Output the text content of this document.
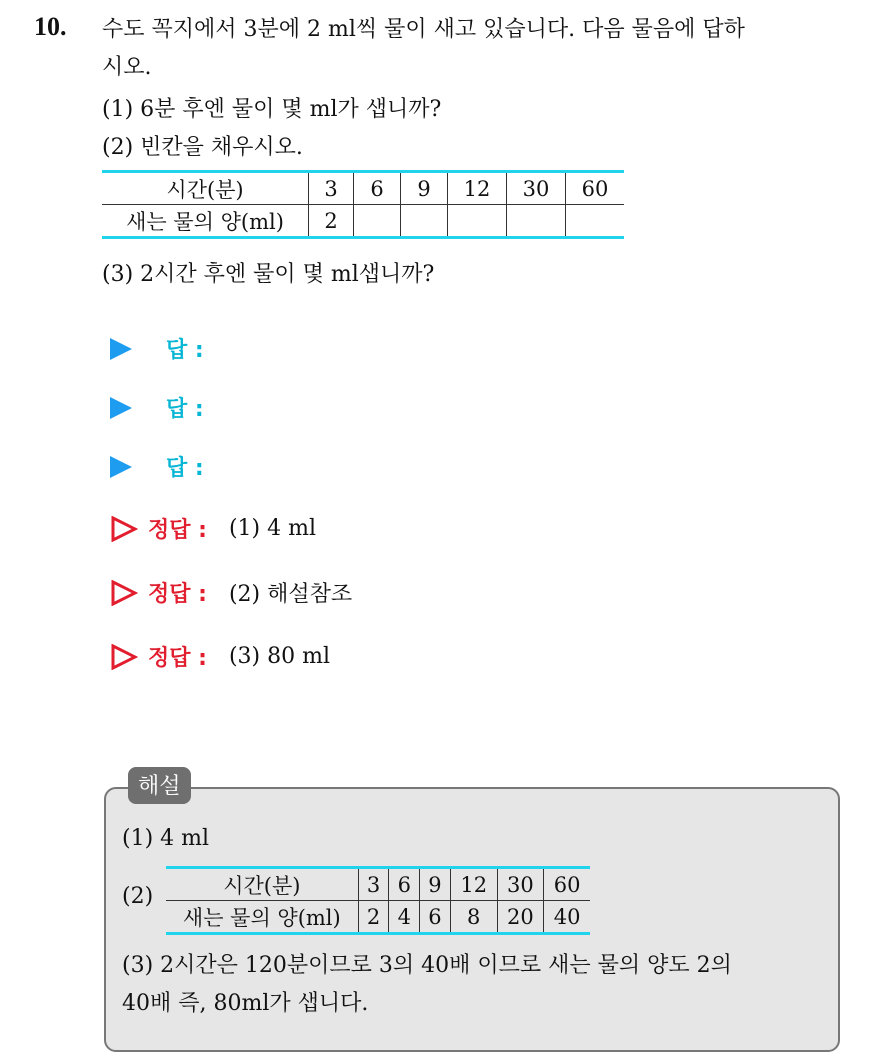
10. 수도 꼭지에서 3분에 2 ml씩 물이 새고 있습니다. 다음 물음에 답하
시오.
(1) 6분 후엔 물이 몇 ml가 샙니까?
(2) 빈칸을 채우시오.
시간(분)	3	6	9	12	30	60
새는 물의 양(ml)	2					
(3) 2시간 후엔 물이 몇 ml샙니까?
답 :
답 :
답 :
정답 : (1) 4 ml
정답 : (2) 해설참조
정답 : (3) 80 ml
해설
(1) 4 ml
(2)	시간(분)	3	6	9	12	30	60
새는 물의 양(ml)	2	4	6	8	20	40
(3) 2시간은 120분이므로 3의 40배 이므로 새는 물의 양도 2의
40배 즉, 80ml가 샙니다.
